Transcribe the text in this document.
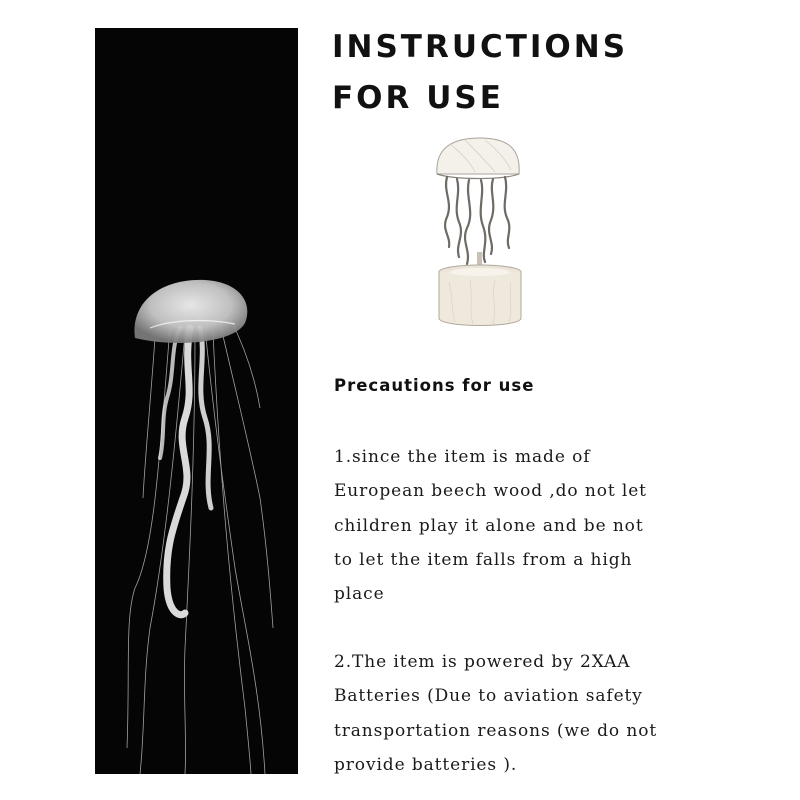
INSTRUCTIONS
FOR USE
Precautions for use

1.since the item is made of
European beech wood ,do not let
children play it alone and be not
to let the item falls from a high
place

2.The item is powered by 2XAA
Batteries (Due to aviation safety
transportation reasons (we do not
provide batteries ).
